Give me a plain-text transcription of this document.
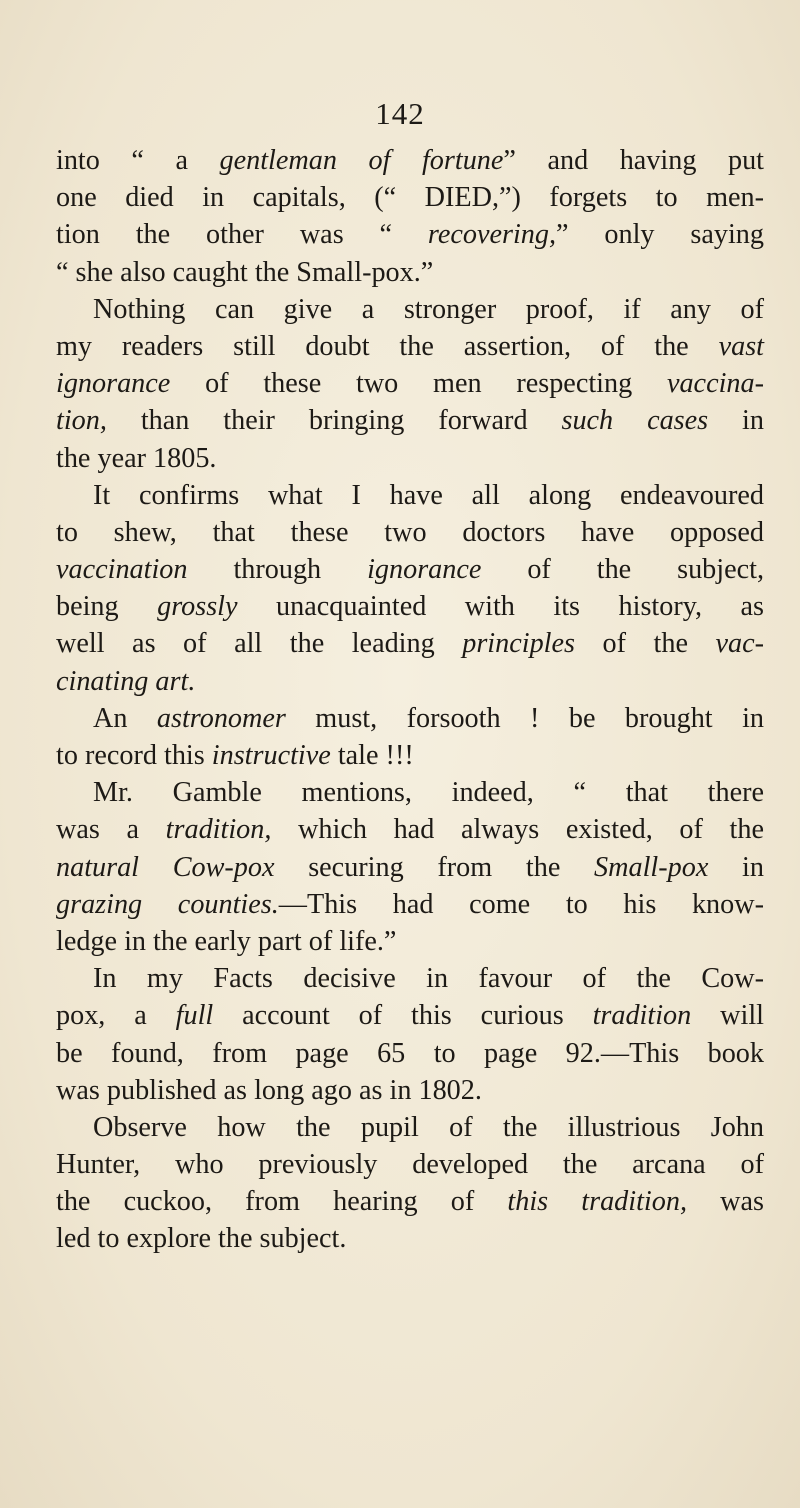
142
into “ a gentleman of fortune” and having put
one died in capitals, (“ DIED,”) forgets to men-
tion the other was “ recovering,” only saying
“ she also caught the Small-pox.”
Nothing can give a stronger proof, if any of
my readers still doubt the assertion, of the vast
ignorance of these two men respecting vaccina-
tion, than their bringing forward such cases in
the year 1805.
It confirms what I have all along endeavoured
to shew, that these two doctors have opposed
vaccination through ignorance of the subject,
being grossly unacquainted with its history, as
well as of all the leading principles of the vac-
cinating art.
An astronomer must, forsooth ! be brought in
to record this instructive tale !!!
Mr. Gamble mentions, indeed, “ that there
was a tradition, which had always existed, of the
natural Cow-pox securing from the Small-pox in
grazing counties.—This had come to his know-
ledge in the early part of life.”
In my Facts decisive in favour of the Cow-
pox, a full account of this curious tradition will
be found, from page 65 to page 92.—This book
was published as long ago as in 1802.
Observe how the pupil of the illustrious John
Hunter, who previously developed the arcana of
the cuckoo, from hearing of this tradition, was
led to explore the subject.
